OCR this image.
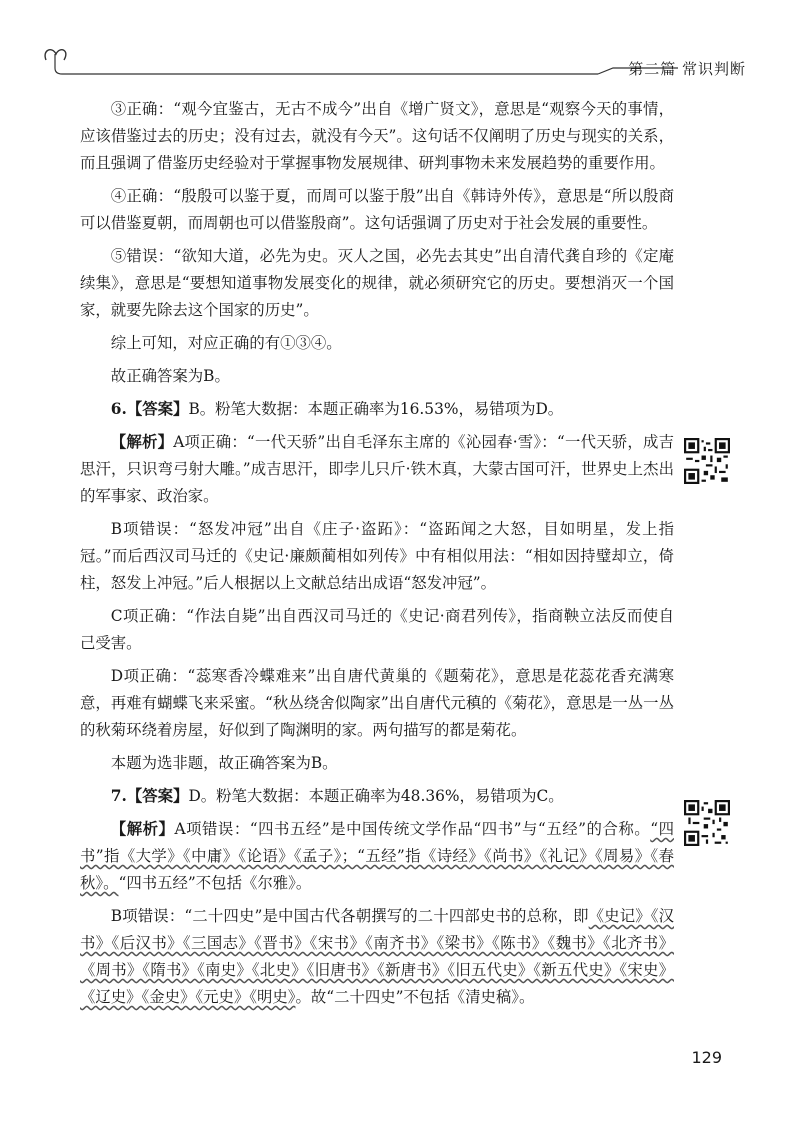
第二篇 常识判断

③正确：“观今宜鉴古，无古不成今”出自《增广贤文》，意思是“观察今天的事情，应该借鉴过去的历史；没有过去，就没有今天”。这句话不仅阐明了历史与现实的关系，而且强调了借鉴历史经验对于掌握事物发展规律、研判事物未来发展趋势的重要作用。

④正确：“殷殷可以鉴于夏，而周可以鉴于殷”出自《韩诗外传》，意思是“所以殷商可以借鉴夏朝，而周朝也可以借鉴殷商”。这句话强调了历史对于社会发展的重要性。

⑤错误：“欲知大道，必先为史。灭人之国，必先去其史”出自清代龚自珍的《定庵续集》，意思是“要想知道事物发展变化的规律，就必须研究它的历史。要想消灭一个国家，就要先除去这个国家的历史”。

综上可知，对应正确的有①③④。

故正确答案为B。

6.【答案】B。粉笔大数据：本题正确率为16.53%，易错项为D。

【解析】A项正确：“一代天骄”出自毛泽东主席的《沁园春·雪》：“一代天骄，成吉思汗，只识弯弓射大雕。”成吉思汗，即孛儿只斤·铁木真，大蒙古国可汗，世界史上杰出的军事家、政治家。

B项错误：“怒发冲冠”出自《庄子·盗跖》：“盗跖闻之大怒，目如明星，发上指冠。”而后西汉司马迁的《史记·廉颇蔺相如列传》中有相似用法：“相如因持璧却立，倚柱，怒发上冲冠。”后人根据以上文献总结出成语“怒发冲冠”。

C项正确：“作法自毙”出自西汉司马迁的《史记·商君列传》，指商鞅立法反而使自己受害。

D项正确：“蕊寒香冷蝶难来”出自唐代黄巢的《题菊花》，意思是花蕊花香充满寒意，再难有蝴蝶飞来采蜜。“秋丛绕舍似陶家”出自唐代元稹的《菊花》，意思是一丛一丛的秋菊环绕着房屋，好似到了陶渊明的家。两句描写的都是菊花。

本题为选非题，故正确答案为B。

7.【答案】D。粉笔大数据：本题正确率为48.36%，易错项为C。

【解析】A项错误：“四书五经”是中国传统文学作品“四书”与“五经”的合称。“四书”指《大学》《中庸》《论语》《孟子》；“五经”指《诗经》《尚书》《礼记》《周易》《春秋》。“四书五经”不包括《尔雅》。

B项错误：“二十四史”是中国古代各朝撰写的二十四部史书的总称，即《史记》《汉书》《后汉书》《三国志》《晋书》《宋书》《南齐书》《梁书》《陈书》《魏书》《北齐书》《周书》《隋书》《南史》《北史》《旧唐书》《新唐书》《旧五代史》《新五代史》《宋史》《辽史》《金史》《元史》《明史》。故“二十四史”不包括《清史稿》。

129
